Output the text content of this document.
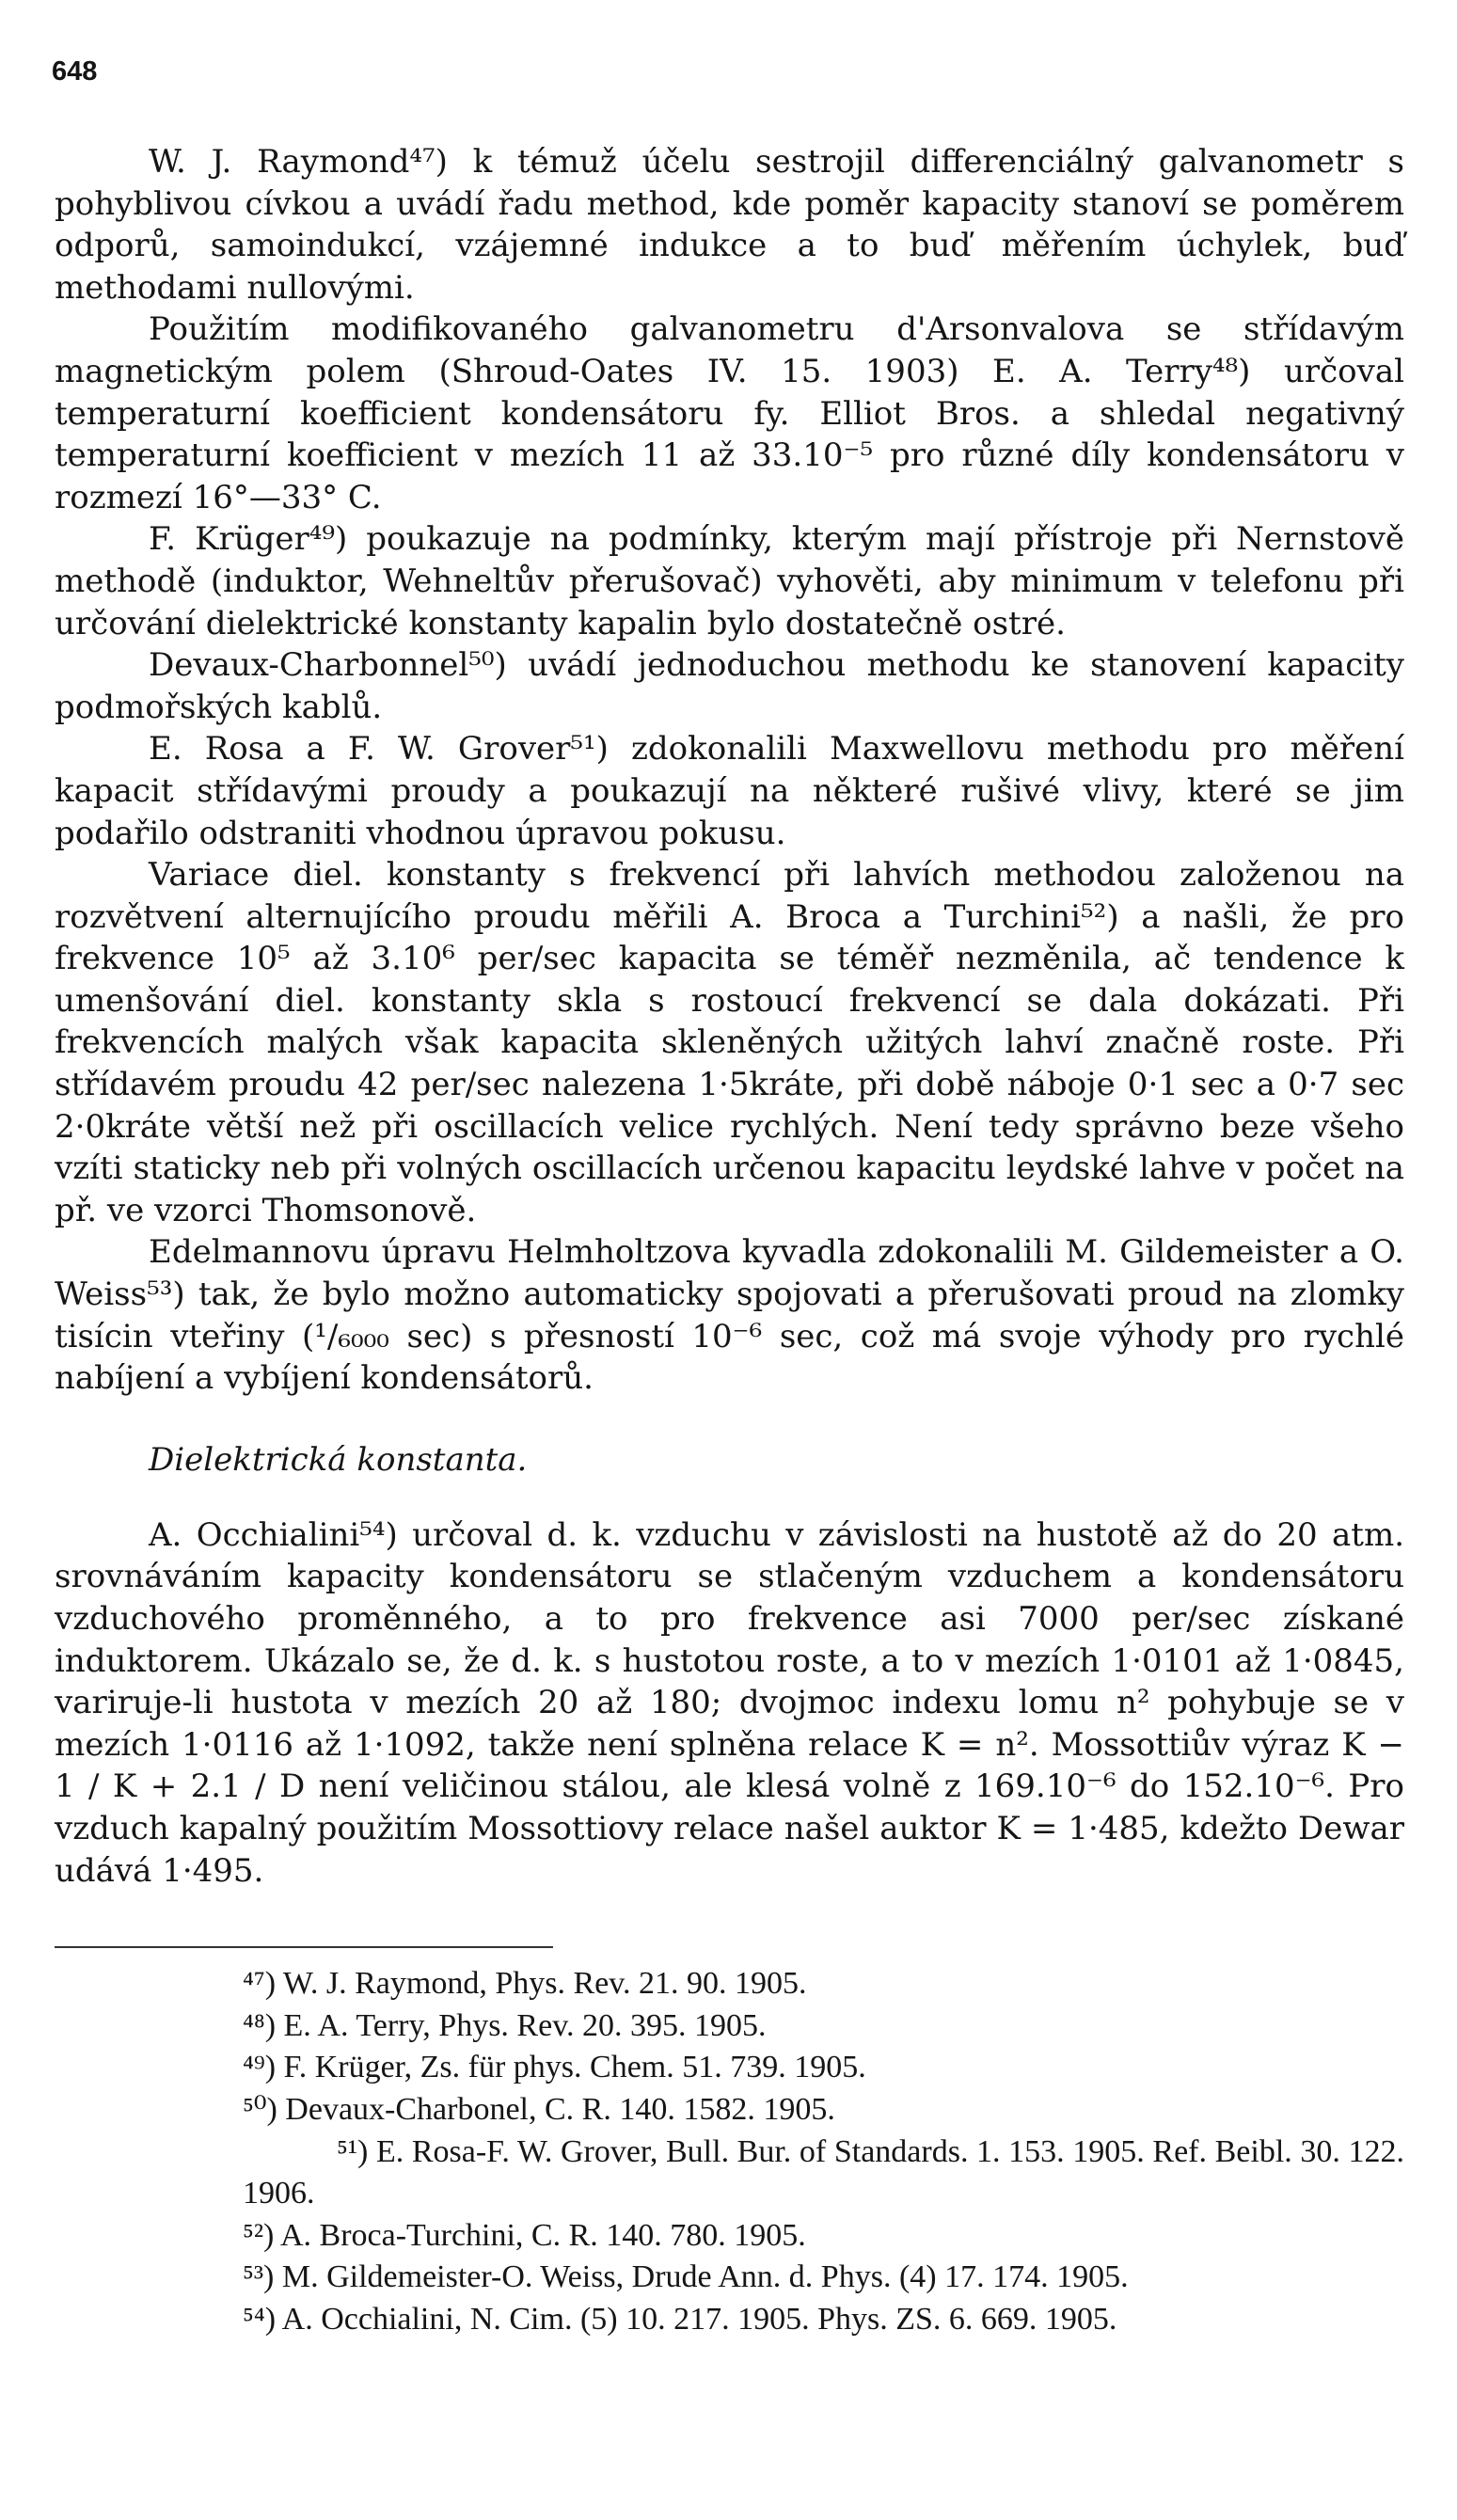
648

W. J. Raymond⁴⁷) k témuž účelu sestrojil differenciálný galvanometr s pohyblivou cívkou a uvádí řadu method, kde poměr kapacity stanoví se poměrem odporů, samoindukcí, vzájemné indukce a to buď měřením úchylek, buď methodami nullovými.

Použitím modifikovaného galvanometru d'Arsonvalova se střídavým magnetickým polem (Shroud-Oates IV. 15. 1903) E. A. Terry⁴⁸) určoval temperaturní koefficient kondensátoru fy. Elliot Bros. a shledal negativný temperaturní koefficient v mezích 11 až 33.10⁻⁵ pro různé díly kondensátoru v rozmezí 16°—33° C.

F. Krüger⁴⁹) poukazuje na podmínky, kterým mají přístroje při Nernstově methodě (induktor, Wehneltův přerušovač) vyhověti, aby minimum v telefonu při určování dielektrické konstanty kapalin bylo dostatečně ostré.

Devaux-Charbonnel⁵⁰) uvádí jednoduchou methodu ke stanovení kapacity podmořských kablů.

E. Rosa a F. W. Grover⁵¹) zdokonalili Maxwellovu methodu pro měření kapacit střídavými proudy a poukazují na některé rušivé vlivy, které se jim podařilo odstraniti vhodnou úpravou pokusu.

Variace diel. konstanty s frekvencí při lahvích methodou založenou na rozvětvení alternujícího proudu měřili A. Broca a Turchini⁵²) a našli, že pro frekvence 10⁵ až 3.10⁶ per/sec kapacita se téměř nezměnila, ač tendence k umenšování diel. konstanty skla s rostoucí frekvencí se dala dokázati. Při frekvencích malých však kapacita skleněných užitých lahví značně roste. Při střídavém proudu 42 per/sec nalezena 1·5kráte, při době náboje 0·1 sec a 0·7 sec 2·0kráte větší než při oscillacích velice rychlých. Není tedy správno beze všeho vzíti staticky neb při volných oscillacích určenou kapacitu leydské lahve v počet na př. ve vzorci Thomsonově.

Edelmannovu úpravu Helmholtzova kyvadla zdokonalili M. Gildemeister a O. Weiss⁵³) tak, že bylo možno automaticky spojovati a přerušovati proud na zlomky tisícin vteřiny (¹/₆₀₀₀ sec) s přesností 10⁻⁶ sec, což má svoje výhody pro rychlé nabíjení a vybíjení kondensátorů.

Dielektrická konstanta.

A. Occhialini⁵⁴) určoval d. k. vzduchu v závislosti na hustotě až do 20 atm. srovnáváním kapacity kondensátoru se stlačeným vzduchem a kondensátoru vzduchového proměnného, a to pro frekvence asi 7000 per/sec získané induktorem. Ukázalo se, že d. k. s hustotou roste, a to v mezích 1·0101 až 1·0845, variruje-li hustota v mezích 20 až 180; dvojmoc indexu lomu n² pohybuje se v mezích 1·0116 až 1·1092, takže není splněna relace K = n². Mossottiův výraz K − 1 / K + 2.1 / D není veličinou stálou, ale klesá volně z 169.10⁻⁶ do 152.10⁻⁶. Pro vzduch kapalný použitím Mossottiovy relace našel auktor K = 1·485, kdežto Dewar udává 1·495.

⁴⁷) W. J. Raymond, Phys. Rev. 21. 90. 1905.

⁴⁸) E. A. Terry, Phys. Rev. 20. 395. 1905.

⁴⁹) F. Krüger, Zs. für phys. Chem. 51. 739. 1905.

⁵⁰) Devaux-Charbonel, C. R. 140. 1582. 1905.

⁵¹) E. Rosa-F. W. Grover, Bull. Bur. of Standards. 1. 153. 1905. Ref. Beibl. 30. 122. 1906.

⁵²) A. Broca-Turchini, C. R. 140. 780. 1905.

⁵³) M. Gildemeister-O. Weiss, Drude Ann. d. Phys. (4) 17. 174. 1905.

⁵⁴) A. Occhialini, N. Cim. (5) 10. 217. 1905. Phys. ZS. 6. 669. 1905.
